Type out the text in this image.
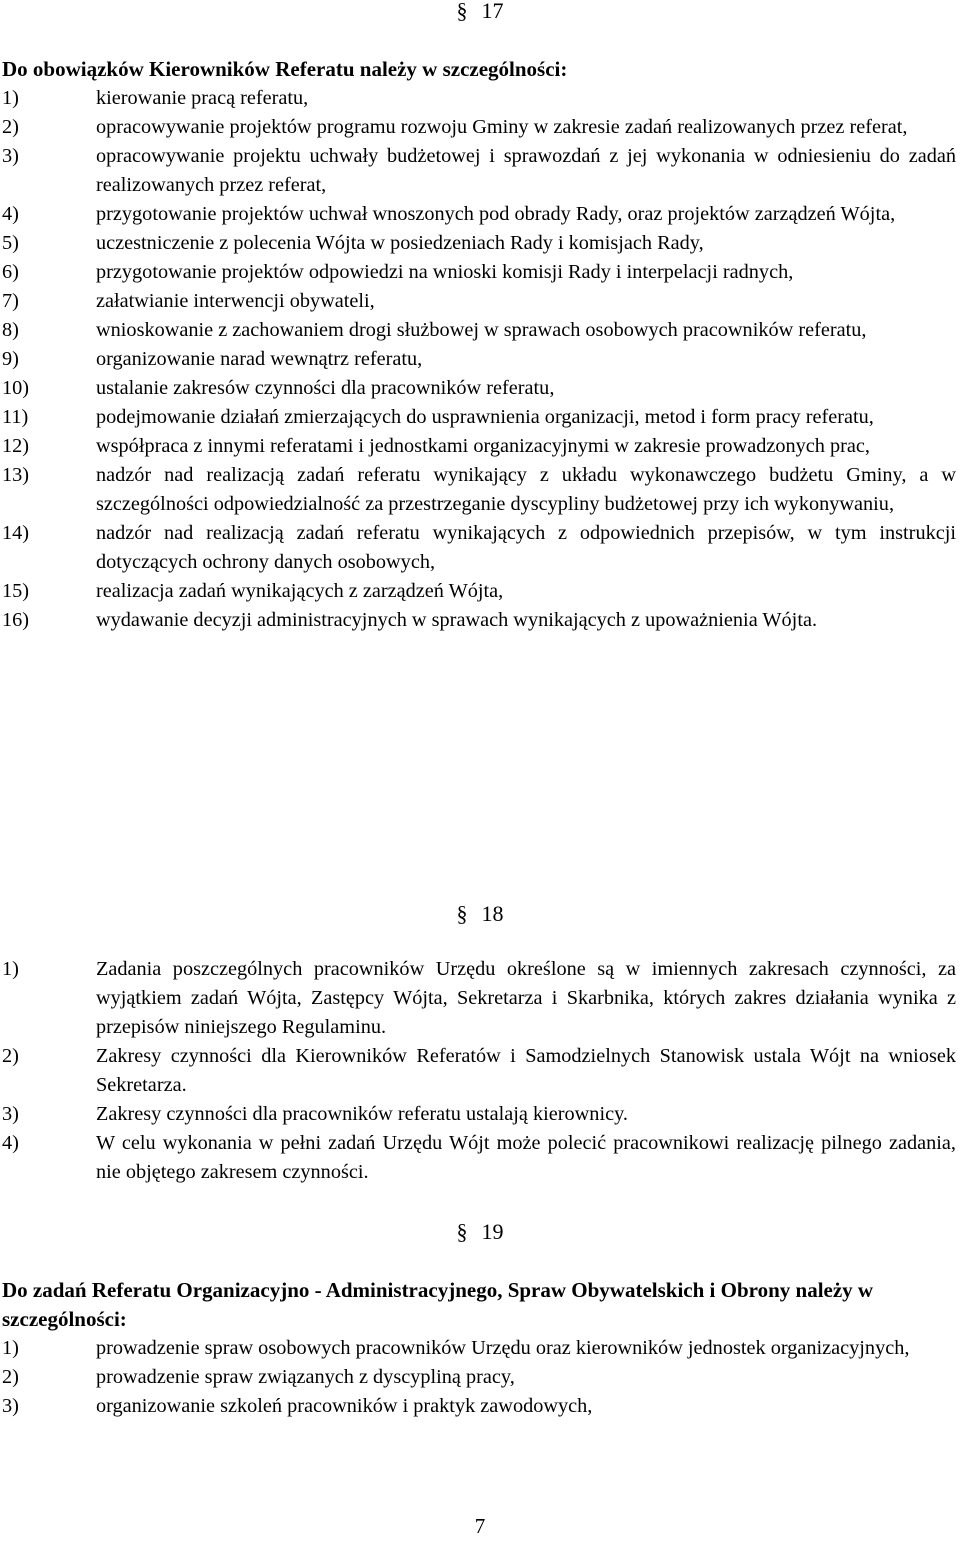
§ 17
Do obowiązków Kierowników Referatu należy w szczególności:
1)	kierowanie pracą referatu,
2)	opracowywanie projektów programu rozwoju Gminy w zakresie zadań realizowanych przez referat,
3)	opracowywanie projektu uchwały budżetowej i sprawozdań z jej wykonania w odniesieniu do zadań realizowanych przez referat,
4)	przygotowanie projektów uchwał wnoszonych pod obrady Rady, oraz projektów zarządzeń Wójta,
5)	uczestniczenie z polecenia Wójta w posiedzeniach Rady i komisjach Rady,
6)	przygotowanie projektów odpowiedzi na wnioski komisji Rady i interpelacji radnych,
7)	załatwianie interwencji obywateli,
8)	wnioskowanie z zachowaniem drogi służbowej w sprawach osobowych pracowników referatu,
9)	organizowanie narad wewnątrz referatu,
10)	ustalanie zakresów czynności dla pracowników referatu,
11)	podejmowanie działań zmierzających do usprawnienia organizacji, metod i form pracy referatu,
12)	współpraca z innymi referatami i jednostkami organizacyjnymi w zakresie prowadzonych prac,
13)	nadzór nad realizacją zadań referatu wynikający z układu wykonawczego budżetu Gminy, a w szczególności odpowiedzialność za przestrzeganie dyscypliny budżetowej przy ich wykonywaniu,
14)	nadzór nad realizacją zadań referatu wynikających z odpowiednich przepisów, w tym instrukcji dotyczących ochrony danych osobowych,
15)	realizacja zadań wynikających z zarządzeń Wójta,
16)	wydawanie decyzji administracyjnych w sprawach wynikających z upoważnienia Wójta.
§ 18
1)	Zadania poszczególnych pracowników Urzędu określone są w imiennych zakresach czynności, za wyjątkiem zadań Wójta, Zastępcy Wójta, Sekretarza i Skarbnika, których zakres działania wynika z przepisów niniejszego Regulaminu.
2)	Zakresy czynności dla Kierowników Referatów i Samodzielnych Stanowisk ustala Wójt na wniosek Sekretarza.
3)	Zakresy czynności dla pracowników referatu ustalają kierownicy.
4)	W celu wykonania w pełni zadań Urzędu Wójt może polecić pracownikowi realizację pilnego zadania, nie objętego zakresem czynności.
§ 19
Do zadań Referatu Organizacyjno - Administracyjnego, Spraw Obywatelskich i Obrony należy w szczególności:
1)	prowadzenie spraw osobowych pracowników Urzędu oraz kierowników jednostek organizacyjnych,
2)	prowadzenie spraw związanych z dyscypliną pracy,
3)	organizowanie szkoleń pracowników i praktyk zawodowych,
7
